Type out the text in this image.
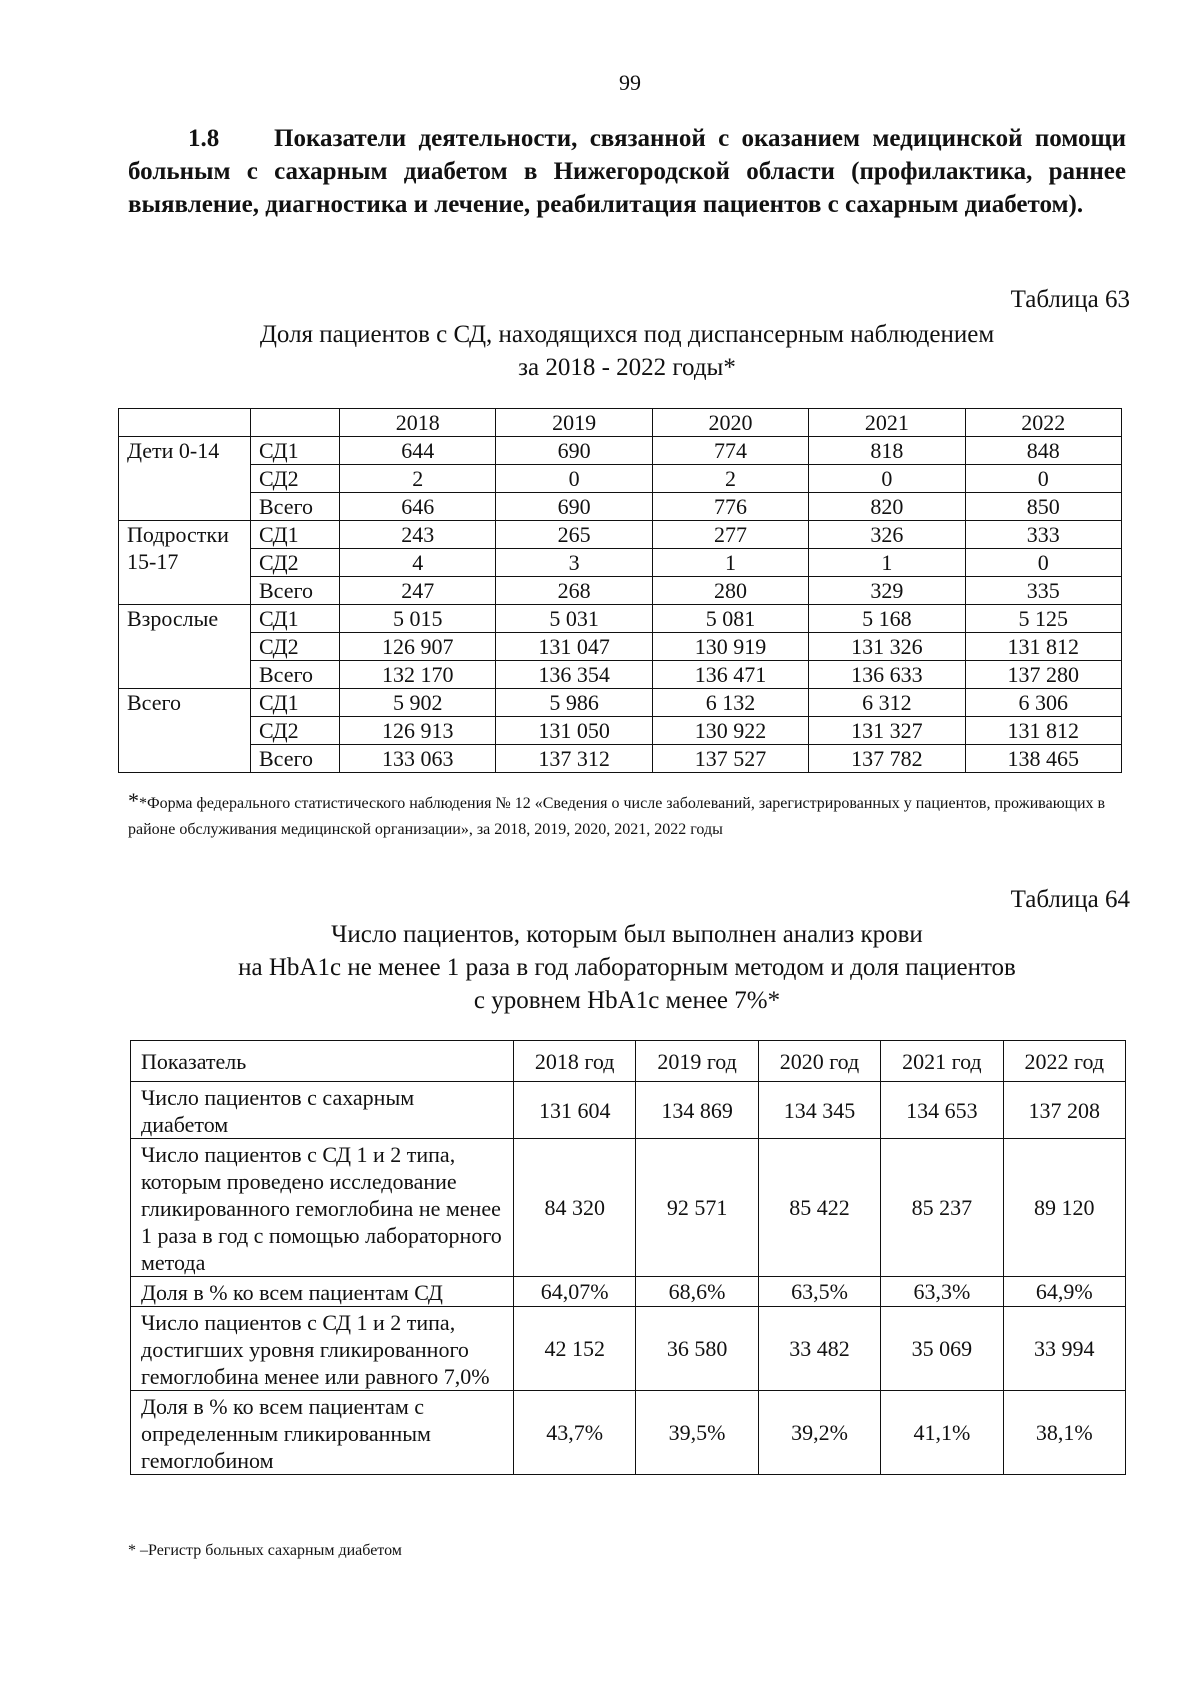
99
1.8 Показатели деятельности, связанной с оказанием медицинской помощи больным с сахарным диабетом в Нижегородской области (профилактика, раннее выявление, диагностика и лечение, реабилитация пациентов с сахарным диабетом).
Таблица 63
Доля пациентов с СД, находящихся под диспансерным наблюдением
за 2018 - 2022 годы*
		2018	2019	2020	2021	2022
Дети 0-14	СД1	644	690	774	818	848
	СД2	2	0	2	0	0
	Всего	646	690	776	820	850
Подростки 15-17	СД1	243	265	277	326	333
	СД2	4	3	1	1	0
	Всего	247	268	280	329	335
Взрослые	СД1	5 015	5 031	5 081	5 168	5 125
	СД2	126 907	131 047	130 919	131 326	131 812
	Всего	132 170	136 354	136 471	136 633	137 280
Всего	СД1	5 902	5 986	6 132	6 312	6 306
	СД2	126 913	131 050	130 922	131 327	131 812
	Всего	133 063	137 312	137 527	137 782	138 465
**Форма федерального статистического наблюдения № 12 «Сведения о числе заболеваний, зарегистрированных у пациентов, проживающих в районе обслуживания медицинской организации», за 2018, 2019, 2020, 2021, 2022 годы
Таблица 64
Число пациентов, которым был выполнен анализ крови
на HbA1c не менее 1 раза в год лабораторным методом и доля пациентов
с уровнем HbA1c менее 7%*
Показатель	2018 год	2019 год	2020 год	2021 год	2022 год
Число пациентов с сахарным диабетом	131 604	134 869	134 345	134 653	137 208
Число пациентов с СД 1 и 2 типа, которым проведено исследование гликированного гемоглобина не менее 1 раза в год с помощью лабораторного метода	84 320	92 571	85 422	85 237	89 120
Доля в % ко всем пациентам СД	64,07%	68,6%	63,5%	63,3%	64,9%
Число пациентов с СД 1 и 2 типа, достигших уровня гликированного гемоглобина менее или равного 7,0%	42 152	36 580	33 482	35 069	33 994
Доля в % ко всем пациентам с определенным гликированным гемоглобином	43,7%	39,5%	39,2%	41,1%	38,1%
* –Регистр больных сахарным диабетом
